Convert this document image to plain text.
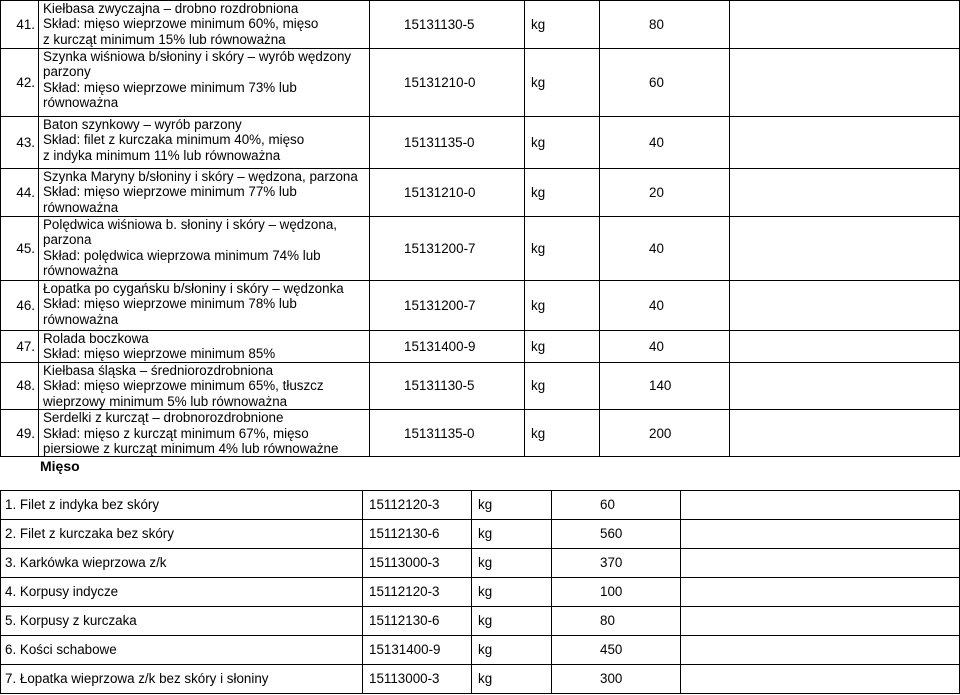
41.	Kiełbasa zwyczajna – drobno rozdrobniona
Skład: mięso wieprzowe minimum 60%, mięso
z kurcząt minimum 15% lub równoważna	15131130-5	kg	80	
42.	Szynka wiśniowa b/słoniny i skóry – wyrób wędzony
parzony
Skład: mięso wieprzowe minimum 73% lub
równoważna	15131210-0	kg	60	
43.	Baton szynkowy – wyrób parzony
Skład: filet z kurczaka minimum 40%, mięso
z indyka minimum 11% lub równoważna	15131135-0	kg	40	
44.	Szynka Maryny b/słoniny i skóry – wędzona, parzona
Skład: mięso wieprzowe minimum 77% lub
równoważna	15131210-0	kg	20	
45.	Polędwica wiśniowa b. słoniny i skóry – wędzona,
parzona
Skład: polędwica wieprzowa minimum 74% lub
równoważna	15131200-7	kg	40	
46.	Łopatka po cygańsku b/słoniny i skóry – wędzonka
Skład: mięso wieprzowe minimum 78% lub
równoważna	15131200-7	kg	40	
47.	Rolada boczkowa
Skład: mięso wieprzowe minimum 85%	15131400-9	kg	40	
48.	Kiełbasa śląska – średniorozdrobniona
Skład: mięso wieprzowe minimum 65%, tłuszcz
wieprzowy minimum 5% lub równoważna	15131130-5	kg	140	
49.	Serdelki z kurcząt – drobnorozdrobnione
Skład: mięso z kurcząt minimum 67%, mięso
piersiowe z kurcząt minimum 4% lub równoważne	15131135-0	kg	200	
Mięso
1. Filet z indyka bez skóry	15112120-3	kg	60	
2. Filet z kurczaka bez skóry	15112130-6	kg	560	
3. Karkówka wieprzowa z/k	15113000-3	kg	370	
4. Korpusy indycze	15112120-3	kg	100	
5. Korpusy z kurczaka	15112130-6	kg	80	
6. Kości schabowe	15131400-9	kg	450	
7. Łopatka wieprzowa z/k bez skóry i słoniny	15113000-3	kg	300	
